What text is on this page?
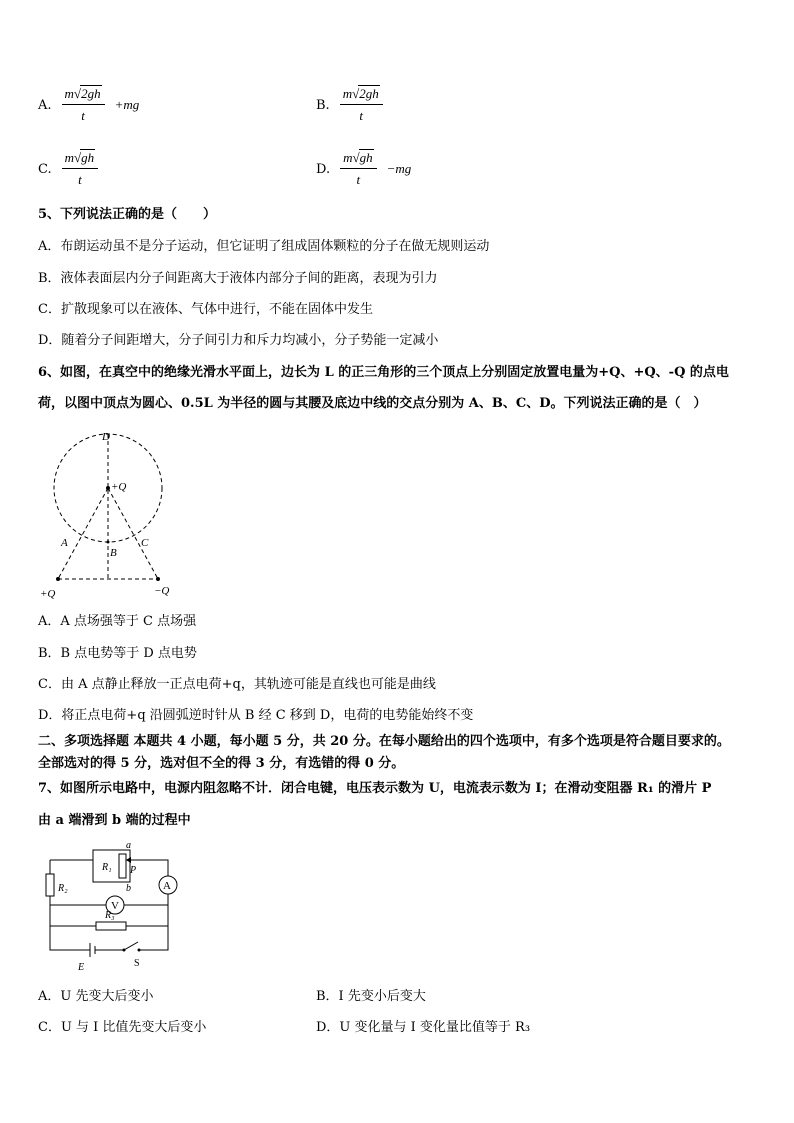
A. $\frac{m√2gh}{t} +mg$	B. $\frac{m√2gh}{t}$
C. $\frac{m√gh}{t}$	D. $\frac{m√gh}{t} -mg$
5、下列说法正确的是（　　）
A．布朗运动虽不是分子运动，但它证明了组成固体颗粒的分子在做无规则运动
B．液体表面层内分子间距离大于液体内部分子间的距离，表现为引力
C．扩散现象可以在液体、气体中进行，不能在固体中发生
D．随着分子间距增大，分子间引力和斥力均减小，分子势能一定减小
6、如图，在真空中的绝缘光滑水平面上，边长为 L 的正三角形的三个顶点上分别固定放置电量为+Q、+Q、-Q 的点电
荷，以图中顶点为圆心、0.5L 为半径的圆与其腰及底边中线的交点分别为 A、B、C、D。下列说法正确的是（　）
D
+Q
A
B
C
+Q	−Q
A．A 点场强等于 C 点场强
B．B 点电势等于 D 点电势
C．由 A 点静止释放一正点电荷+q，其轨迹可能是直线也可能是曲线
D．将正点电荷+q 沿圆弧逆时针从 B 经 C 移到 D，电荷的电势能始终不变
二、多项选择题 本题共 4 小题，每小题 5 分，共 20 分。在每小题给出的四个选项中，有多个选项是符合题目要求的。
全部选对的得 5 分，选对但不全的得 3 分，有选错的得 0 分。
7、如图所示电路中，电源内阻忽略不计．闭合电键，电压表示数为 U，电流表示数为 I；在滑动变阻器 R₁ 的滑片 P
由 a 端滑到 b 端的过程中
a
b
P
R₁
R₂
R₃
A
V
E	S
A．U 先变大后变小	B．I 先变小后变大
C．U 与 I 比值先变大后变小	D．U 变化量与 I 变化量比值等于 R₃
